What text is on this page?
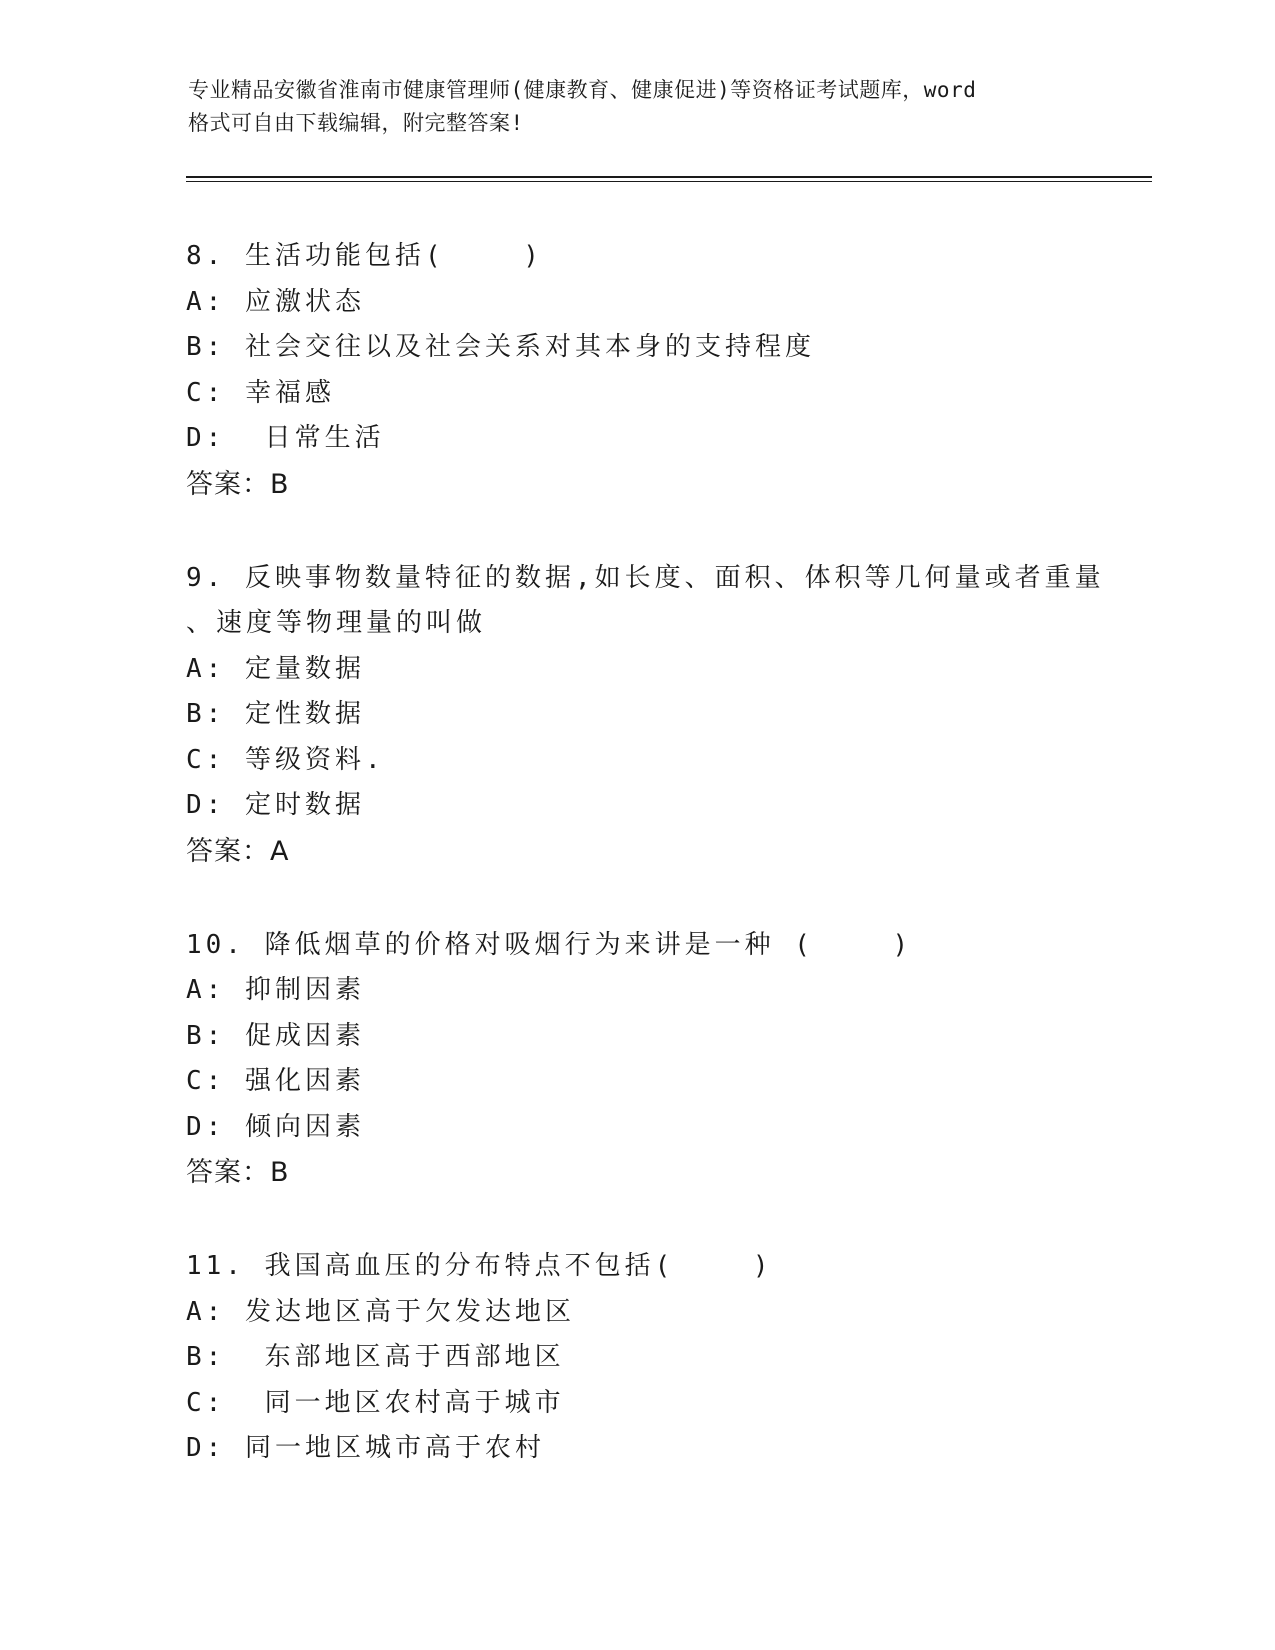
专业精品安徽省淮南市健康管理师(健康教育、健康促进)等资格证考试题库，word
格式可自由下载编辑，附完整答案!
8. 生活功能包括(    )
A: 应激状态
B: 社会交往以及社会关系对其本身的支持程度
C: 幸福感
D:  日常生活
答案：B
9. 反映事物数量特征的数据,如长度、面积、体积等几何量或者重量
、速度等物理量的叫做
A: 定量数据
B: 定性数据
C: 等级资料.
D: 定时数据
答案：A
10. 降低烟草的价格对吸烟行为来讲是一种 (    )
A: 抑制因素
B: 促成因素
C: 强化因素
D: 倾向因素
答案：B
11. 我国高血压的分布特点不包括(    )
A: 发达地区高于欠发达地区
B:  东部地区高于西部地区
C:  同一地区农村高于城市
D: 同一地区城市高于农村
